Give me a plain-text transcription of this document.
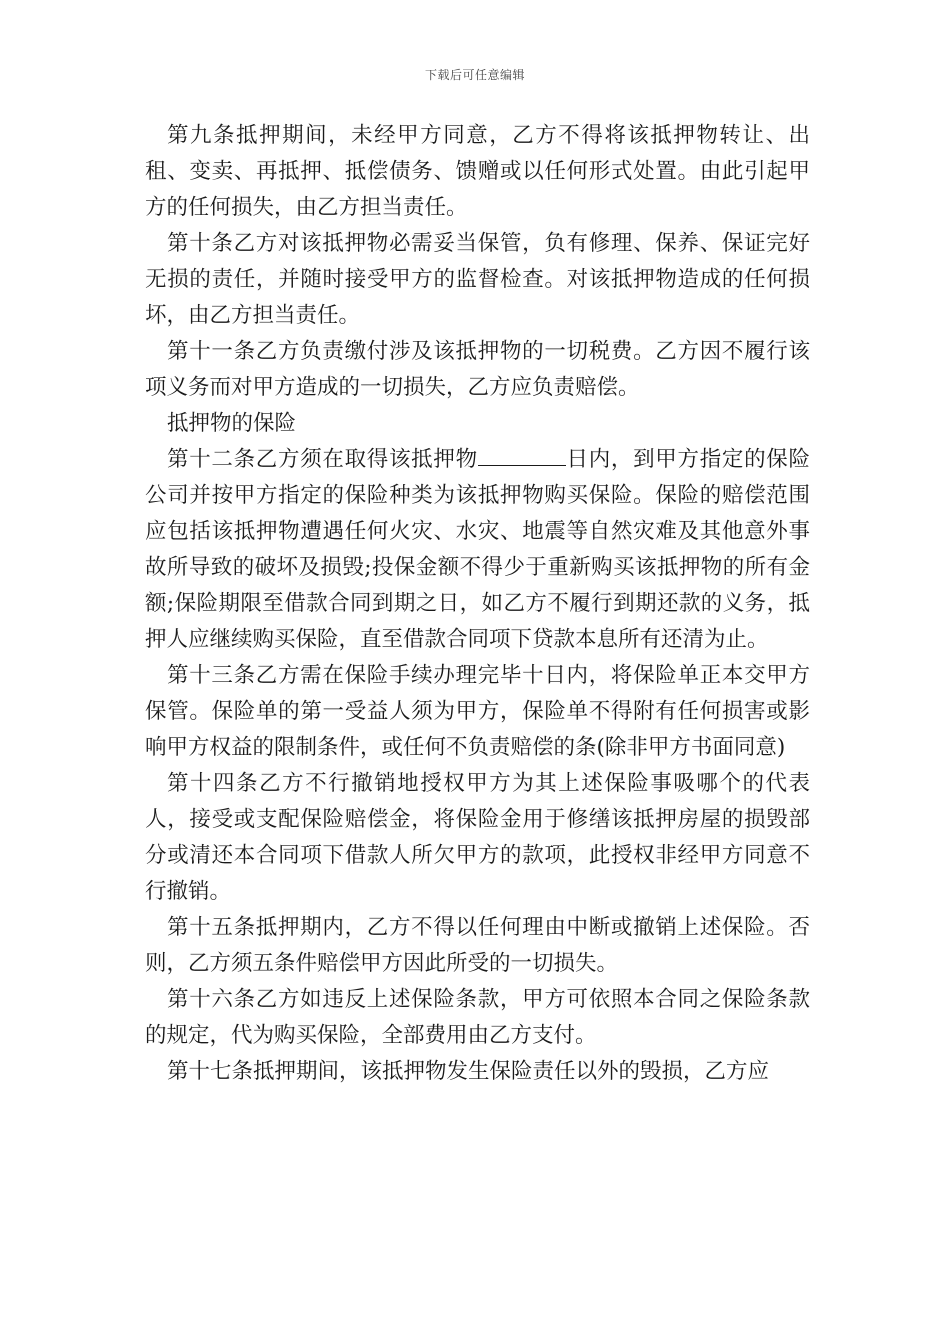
下载后可任意编辑

第九条抵押期间，未经甲方同意，乙方不得将该抵押物转让、出租、变卖、再抵押、抵偿债务、馈赠或以任何形式处置。由此引起甲方的任何损失，由乙方担当责任。

第十条乙方对该抵押物必需妥当保管，负有修理、保养、保证完好无损的责任，并随时接受甲方的监督检查。对该抵押物造成的任何损坏，由乙方担当责任。

第十一条乙方负责缴付涉及该抵押物的一切税费。乙方因不履行该项义务而对甲方造成的一切损失，乙方应负责赔偿。

抵押物的保险

第十二条乙方须在取得该抵押物	日内，到甲方指定的保险公司并按甲方指定的保险种类为该抵押物购买保险。保险的赔偿范围应包括该抵押物遭遇任何火灾、水灾、地震等自然灾难及其他意外事故所导致的破坏及损毁;投保金额不得少于重新购买该抵押物的所有金额;保险期限至借款合同到期之日，如乙方不履行到期还款的义务，抵押人应继续购买保险，直至借款合同项下贷款本息所有还清为止。

第十三条乙方需在保险手续办理完毕十日内，将保险单正本交甲方保管。保险单的第一受益人须为甲方，保险单不得附有任何损害或影响甲方权益的限制条件，或任何不负责赔偿的条(除非甲方书面同意)

第十四条乙方不行撤销地授权甲方为其上述保险事吸哪个的代表人，接受或支配保险赔偿金，将保险金用于修缮该抵押房屋的损毁部分或清还本合同项下借款人所欠甲方的款项，此授权非经甲方同意不行撤销。

第十五条抵押期内，乙方不得以任何理由中断或撤销上述保险。否则，乙方须五条件赔偿甲方因此所受的一切损失。

第十六条乙方如违反上述保险条款，甲方可依照本合同之保险条款的规定，代为购买保险，全部费用由乙方支付。

第十七条抵押期间，该抵押物发生保险责任以外的毁损，乙方应
